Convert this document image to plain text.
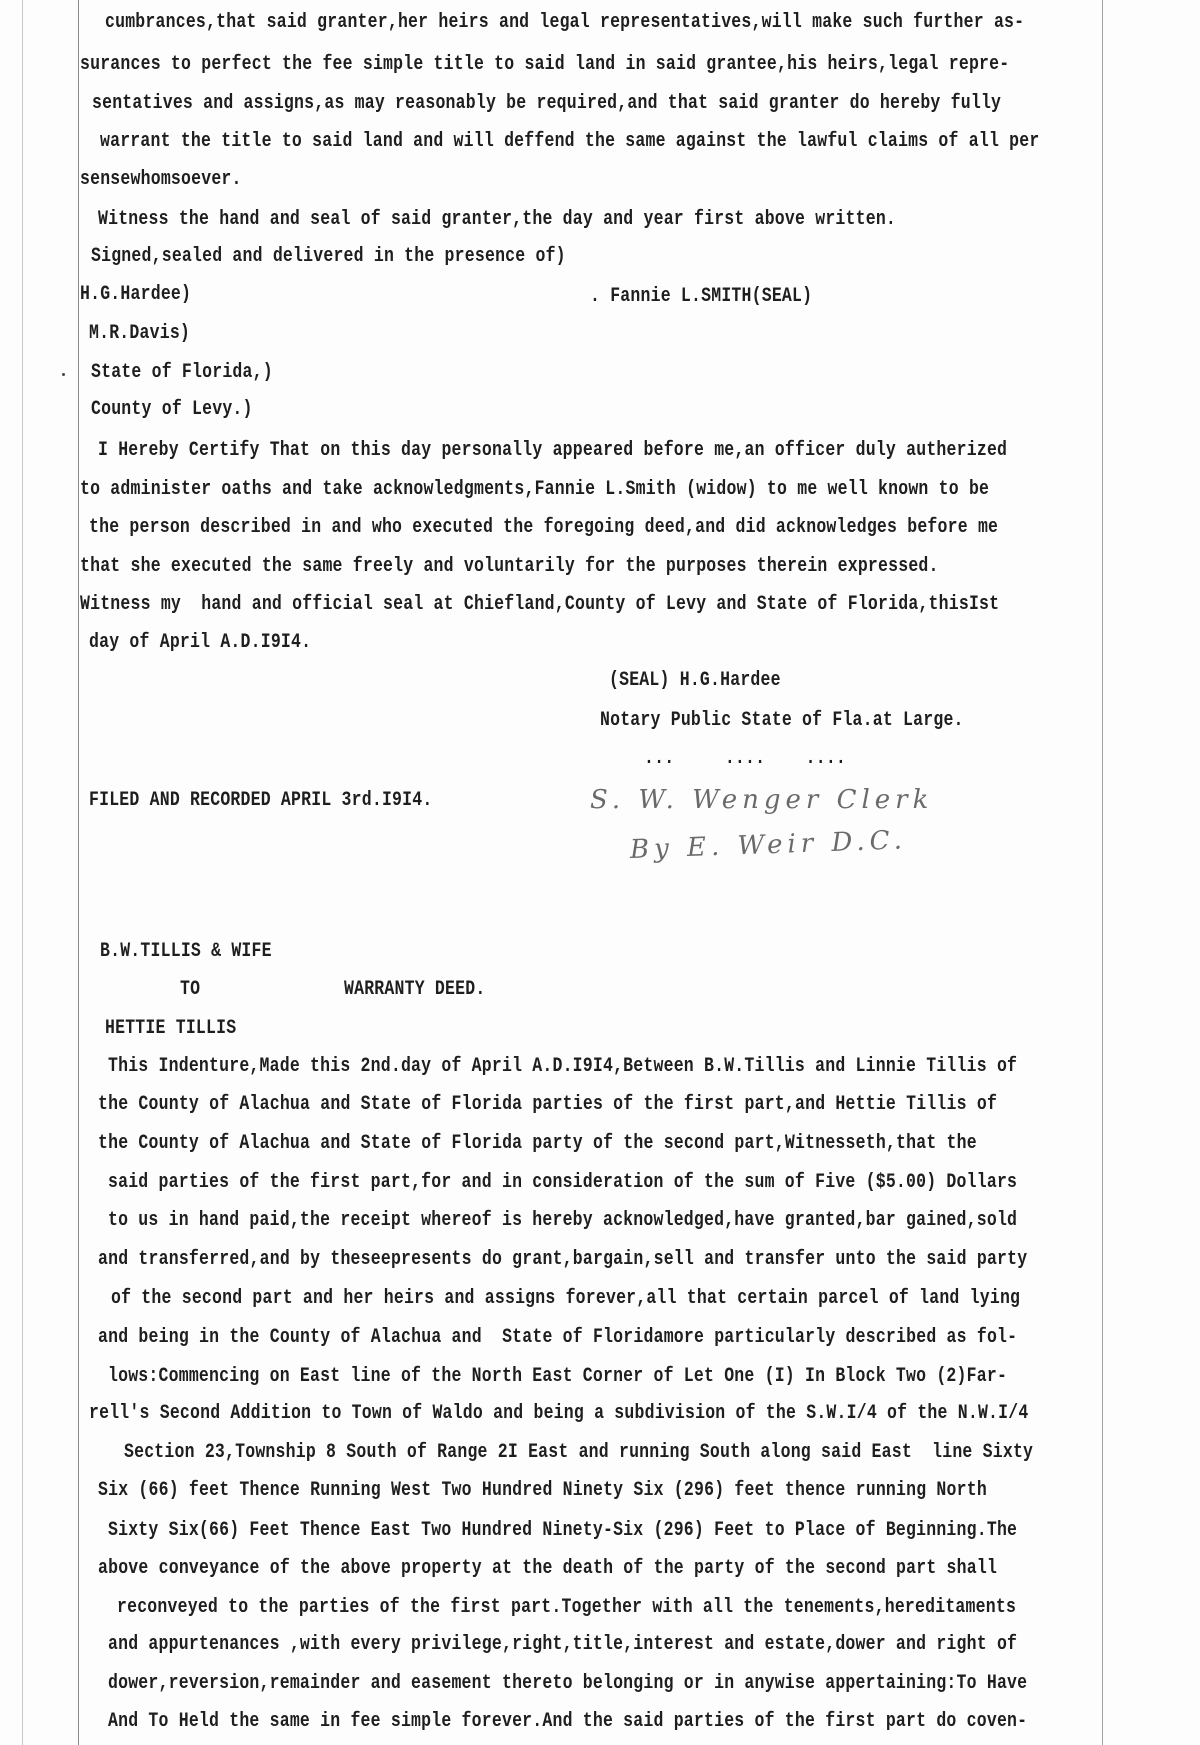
cumbrances,that said granter,her heirs and legal representatives,will make such further as-
surances to perfect the fee simple title to said land in said grantee,his heirs,legal repre-
sentatives and assigns,as may reasonably be required,and that said granter do hereby fully
warrant the title to said land and will deffend the same against the lawful claims of all per
sensewhomsoever.
Witness the hand and seal of said granter,the day and year first above written.
Signed,sealed and delivered in the presence of)
H.G.Hardee)	. Fannie L.SMITH(SEAL)
M.R.Davis)
State of Florida,)
County of Levy.)
I Hereby Certify That on this day personally appeared before me,an officer duly autherized
to administer oaths and take acknowledgments,Fannie L.Smith (widow) to me well known to be
the person described in and who executed the foregoing deed,and did acknowledges before me
that she executed the same freely and voluntarily for the purposes therein expressed.
Witness my  hand and official seal at Chiefland,County of Levy and State of Florida,thisIst
day of April A.D.I9I4.
(SEAL) H.G.Hardee
Notary Public State of Fla.at Large.
...     ....    ....
FILED AND RECORDED APRIL 3rd.I9I4.	S. W. Wenger Clerk
By E. Weir D.C.
B.W.TILLIS & WIFE
TO	WARRANTY DEED.
HETTIE TILLIS
This Indenture,Made this 2nd.day of April A.D.I9I4,Between B.W.Tillis and Linnie Tillis of
the County of Alachua and State of Florida parties of the first part,and Hettie Tillis of
the County of Alachua and State of Florida party of the second part,Witnesseth,that the
said parties of the first part,for and in consideration of the sum of Five ($5.00) Dollars
to us in hand paid,the receipt whereof is hereby acknowledged,have granted,bar gained,sold
and transferred,and by theseepresents do grant,bargain,sell and transfer unto the said party
of the second part and her heirs and assigns forever,all that certain parcel of land lying
and being in the County of Alachua and  State of Floridamore particularly described as fol-
lows:Commencing on East line of the North East Corner of Let One (I) In Block Two (2)Far-
rell's Second Addition to Town of Waldo and being a subdivision of the S.W.I/4 of the N.W.I/4
Section 23,Township 8 South of Range 2I East and running South along said East  line Sixty
Six (66) feet Thence Running West Two Hundred Ninety Six (296) feet thence running North
Sixty Six(66) Feet Thence East Two Hundred Ninety-Six (296) Feet to Place of Beginning.The
above conveyance of the above property at the death of the party of the second part shall
reconveyed to the parties of the first part.Together with all the tenements,hereditaments
and appurtenances ,with every privilege,right,title,interest and estate,dower and right of
dower,reversion,remainder and easement thereto belonging or in anywise appertaining:To Have
And To Held the same in fee simple forever.And the said parties of the first part do coven-
